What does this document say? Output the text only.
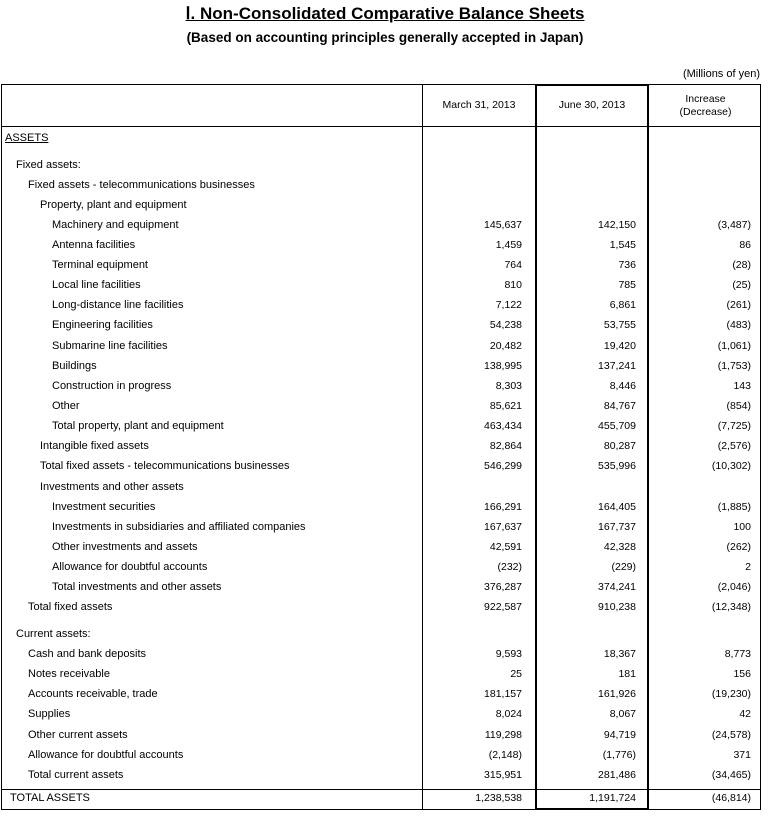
Ⅰ. Non-Consolidated Comparative Balance Sheets
(Based on accounting principles generally accepted in Japan)
(Millions of yen)
March 31, 2013	June 30, 2013	Increase
(Decrease)
ASSETS
Fixed assets:
Fixed assets - telecommunications businesses
Property, plant and equipment
Machinery and equipment	145,637	142,150	(3,487)
Antenna facilities	1,459	1,545	86
Terminal equipment	764	736	(28)
Local line facilities	810	785	(25)
Long-distance line facilities	7,122	6,861	(261)
Engineering facilities	54,238	53,755	(483)
Submarine line facilities	20,482	19,420	(1,061)
Buildings	138,995	137,241	(1,753)
Construction in progress	8,303	8,446	143
Other	85,621	84,767	(854)
Total property, plant and equipment	463,434	455,709	(7,725)
Intangible fixed assets	82,864	80,287	(2,576)
Total fixed assets - telecommunications businesses	546,299	535,996	(10,302)
Investments and other assets
Investment securities	166,291	164,405	(1,885)
Investments in subsidiaries and affiliated companies	167,637	167,737	100
Other investments and assets	42,591	42,328	(262)
Allowance for doubtful accounts	(232)	(229)	2
Total investments and other assets	376,287	374,241	(2,046)
Total fixed assets	922,587	910,238	(12,348)
Current assets:
Cash and bank deposits	9,593	18,367	8,773
Notes receivable	25	181	156
Accounts receivable, trade	181,157	161,926	(19,230)
Supplies	8,024	8,067	42
Other current assets	119,298	94,719	(24,578)
Allowance for doubtful accounts	(2,148)	(1,776)	371
Total current assets	315,951	281,486	(34,465)
TOTAL ASSETS	1,238,538	1,191,724	(46,814)
